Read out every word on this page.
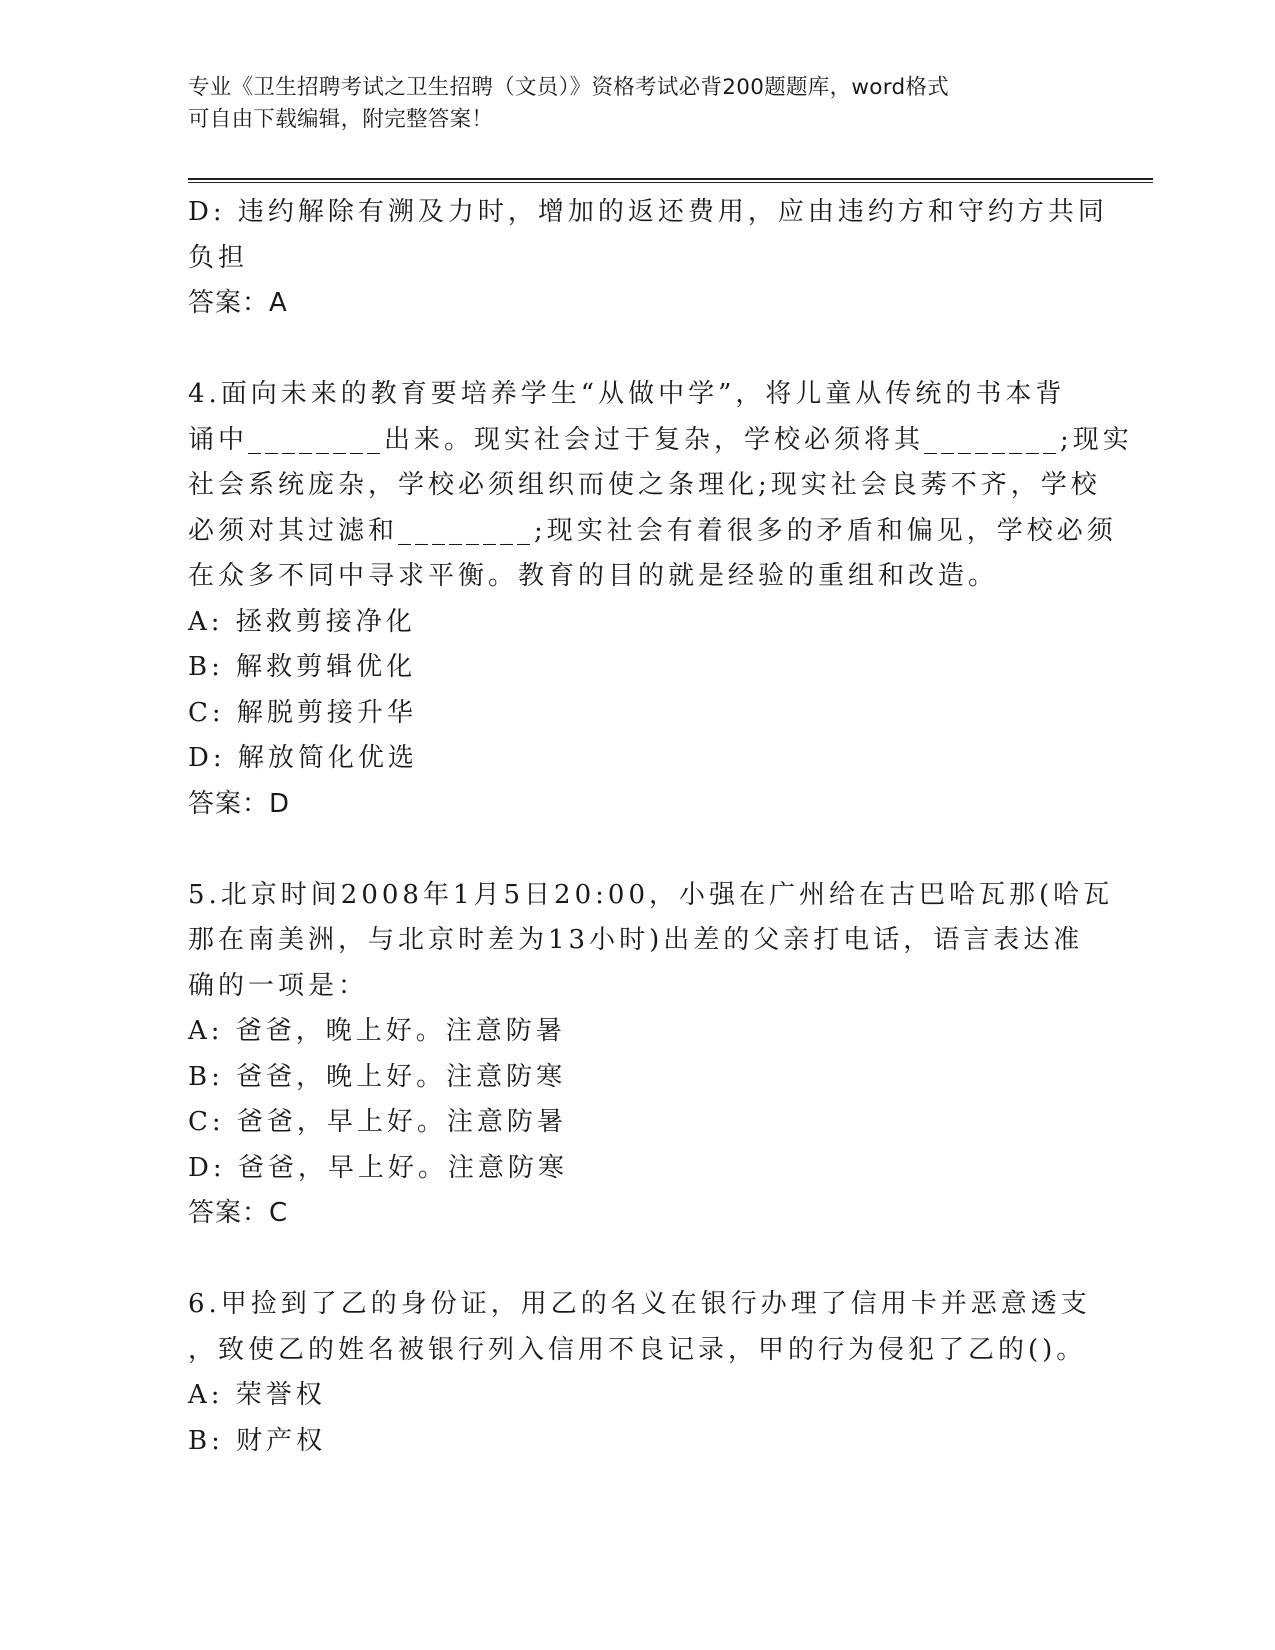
专业《卫生招聘考试之卫生招聘（文员）》资格考试必背200题题库，word格式
可自由下载编辑，附完整答案！
D: 违约解除有溯及力时，增加的返还费用，应由违约方和守约方共同
负担
答案：A
4.面向未来的教育要培养学生“从做中学”，将儿童从传统的书本背
诵中________出来。现实社会过于复杂，学校必须将其________;现实
社会系统庞杂，学校必须组织而使之条理化;现实社会良莠不齐，学校
必须对其过滤和________;现实社会有着很多的矛盾和偏见，学校必须
在众多不同中寻求平衡。教育的目的就是经验的重组和改造。
A: 拯救剪接净化
B: 解救剪辑优化
C: 解脱剪接升华
D: 解放简化优选
答案：D
5.北京时间2008年1月5日20:00，小强在广州给在古巴哈瓦那(哈瓦
那在南美洲，与北京时差为13小时)出差的父亲打电话，语言表达准
确的一项是：
A: 爸爸，晚上好。注意防暑
B: 爸爸，晚上好。注意防寒
C: 爸爸，早上好。注意防暑
D: 爸爸，早上好。注意防寒
答案：C
6.甲捡到了乙的身份证，用乙的名义在银行办理了信用卡并恶意透支
，致使乙的姓名被银行列入信用不良记录，甲的行为侵犯了乙的()。
A: 荣誉权
B: 财产权
